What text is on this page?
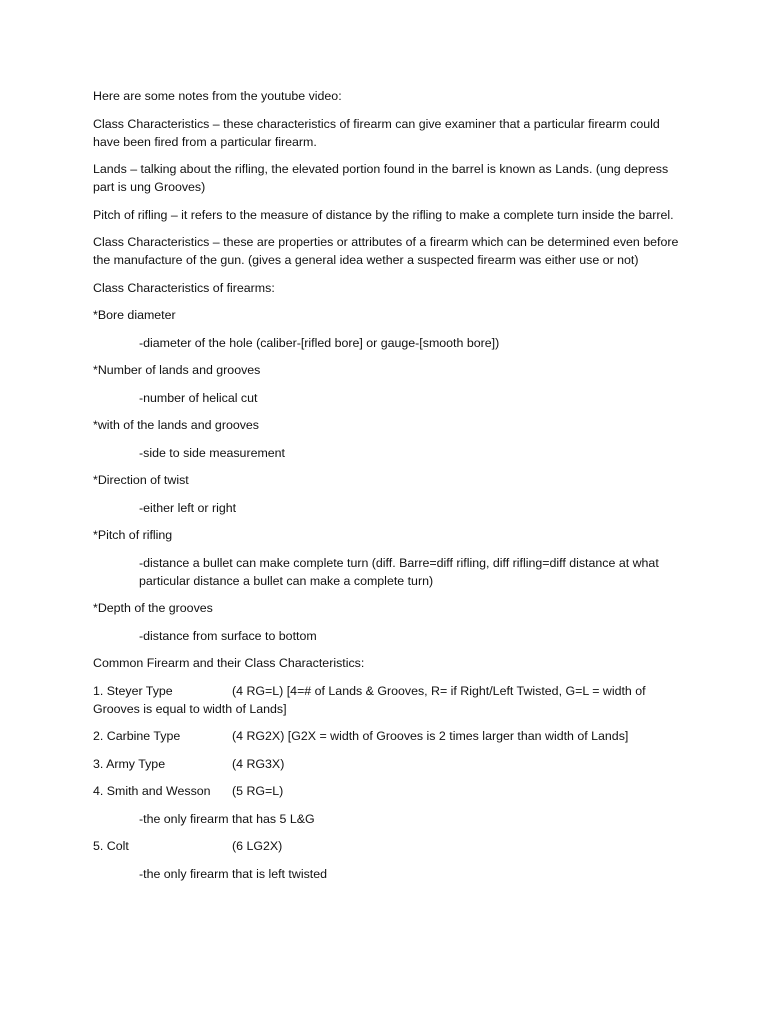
Here are some notes from the youtube video:

Class Characteristics – these characteristics of firearm can give examiner that a particular firearm could have been fired from a particular firearm.

Lands – talking about the rifling, the elevated portion found in the barrel is known as Lands. (ung depress part is ung Grooves)

Pitch of rifling – it refers to the measure of distance by the rifling to make a complete turn inside the barrel.

Class Characteristics – these are properties or attributes of a firearm which can be determined even before the manufacture of the gun. (gives a general idea wether a suspected firearm was either use or not)

Class Characteristics of firearms:

*Bore diameter

-diameter of the hole (caliber-[rifled bore] or gauge-[smooth bore])

*Number of lands and grooves

-number of helical cut

*with of the lands and grooves

-side to side measurement

*Direction of twist

-either left or right

*Pitch of rifling

-distance a bullet can make complete turn (diff. Barre=diff rifling, diff rifling=diff distance at what particular distance a bullet can make a complete turn)

*Depth of the grooves

-distance from surface to bottom

Common Firearm and their Class Characteristics:

1. Steyer Type	(4 RG=L) [4=# of Lands & Grooves, R= if Right/Left Twisted, G=L = width of Grooves is equal to width of Lands]
2. Carbine Type	(4 RG2X) [G2X = width of Grooves is 2 times larger than width of Lands]
3. Army Type	(4 RG3X)
4. Smith and Wesson (5 RG=L)

-the only firearm that has 5 L&G

5. Colt	(6 LG2X)

-the only firearm that is left twisted
